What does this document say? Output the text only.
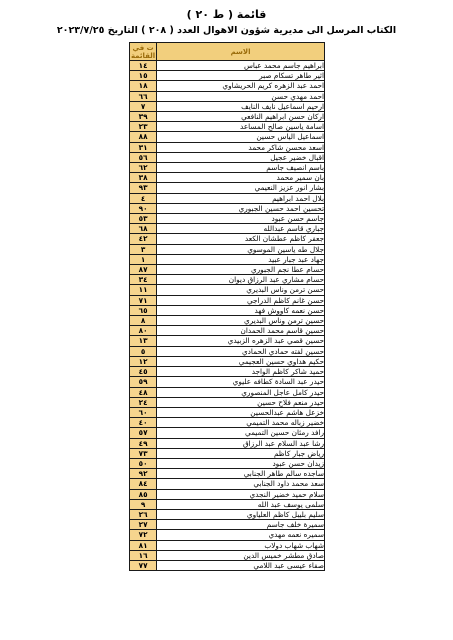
قائمة ( ط ٢٠ )
الكتاب المرسل الى مديرية شؤون الاهوال العدد ( ٢٠٨ ) التاريخ ٢٠٢٣/٧/٢٥
الاسم	ت في القائمة
ابراهيم جاسم محمد عباس	١٤
اثير طاهر تسكام صبر	١٥
احمد عبد الزهره كريم الحريشاوي	١٨
احمد مهدي حسن	٦٦
ارحيم اسماعيل نايف النايف	٧
اركان حسن ابراهيم النافعي	٣٩
اسامة ياسين صالح المساعد	٢٣
اسماعيل الياس حسين	٨٨
اسعد محسن شاكر محمد	٣١
اقبال خضير عجيل	٥٦
باسم انصيف جاسم	٦٢
بان سمير محمد	٣٨
بشار انور عزيز النعيمي	٩٣
بلال احمد ابراهيم	٤
تحسين احمد حسين الجبوري	٩٠
جاسم حسن عبود	٥٣
جباري قاسم عبدالله	٦٨
جعفر كاظم عطشان الكعد	٤٢
جلال طه ياسين الموسوي	٣
جهاد عبد جبار عبيد	١
حسام عطا نجم الجبوري	٨٧
حسام مشاري عبد الرزاق ديوان	٣٤
حسن ترمن وناس البديري	١١
حسن غانم كاظم الدراجي	٧١
حسن نعمه كاووش فهد	٦٥
حسين ترمن وناس البديري	٨
حسين قاسم محمد الحمدان	٨٠
حسين قصي عبد الزهره الزبيدي	١٣
حسين لفته حمادي الحمادي	٥
حكيم هداوي حسين العجيمي	١٢
حميد شاكر كاظم الواجد	٤٥
حيدر عبد السادة كطافه عليوي	٥٩
حيدر كامل عاجل المنصوري	٤٨
حيدر منعم فلاح حسين	٢٤
خزعل هاشم عبدالحسين	٦٠
خضير زباله محمد التميمي	٤٠
رافد رمثان حسين التميمي	٥٧
رشا عبد السلام عبد الرزاق	٤٩
رياض جبار كاظم	٧٣
زيدان حسن عبود	٥٠
ساجده سالم طاهر الجنابي	٩٢
سعد محمد داود الجنابي	٨٤
سلام حميد خضير النجدي	٨٥
سلمى يوسف عبد الله	٩
سليم بليبل كاظم العلياوي	٢٦
سميرة خلف جاسم	٢٧
سميره نعمه مهدي	٧٢
شهاب شهاب دولاب	٨١
صادق مطشر خميس الدين	١٦
صفاء عيسى عبد اللامي	٧٧
